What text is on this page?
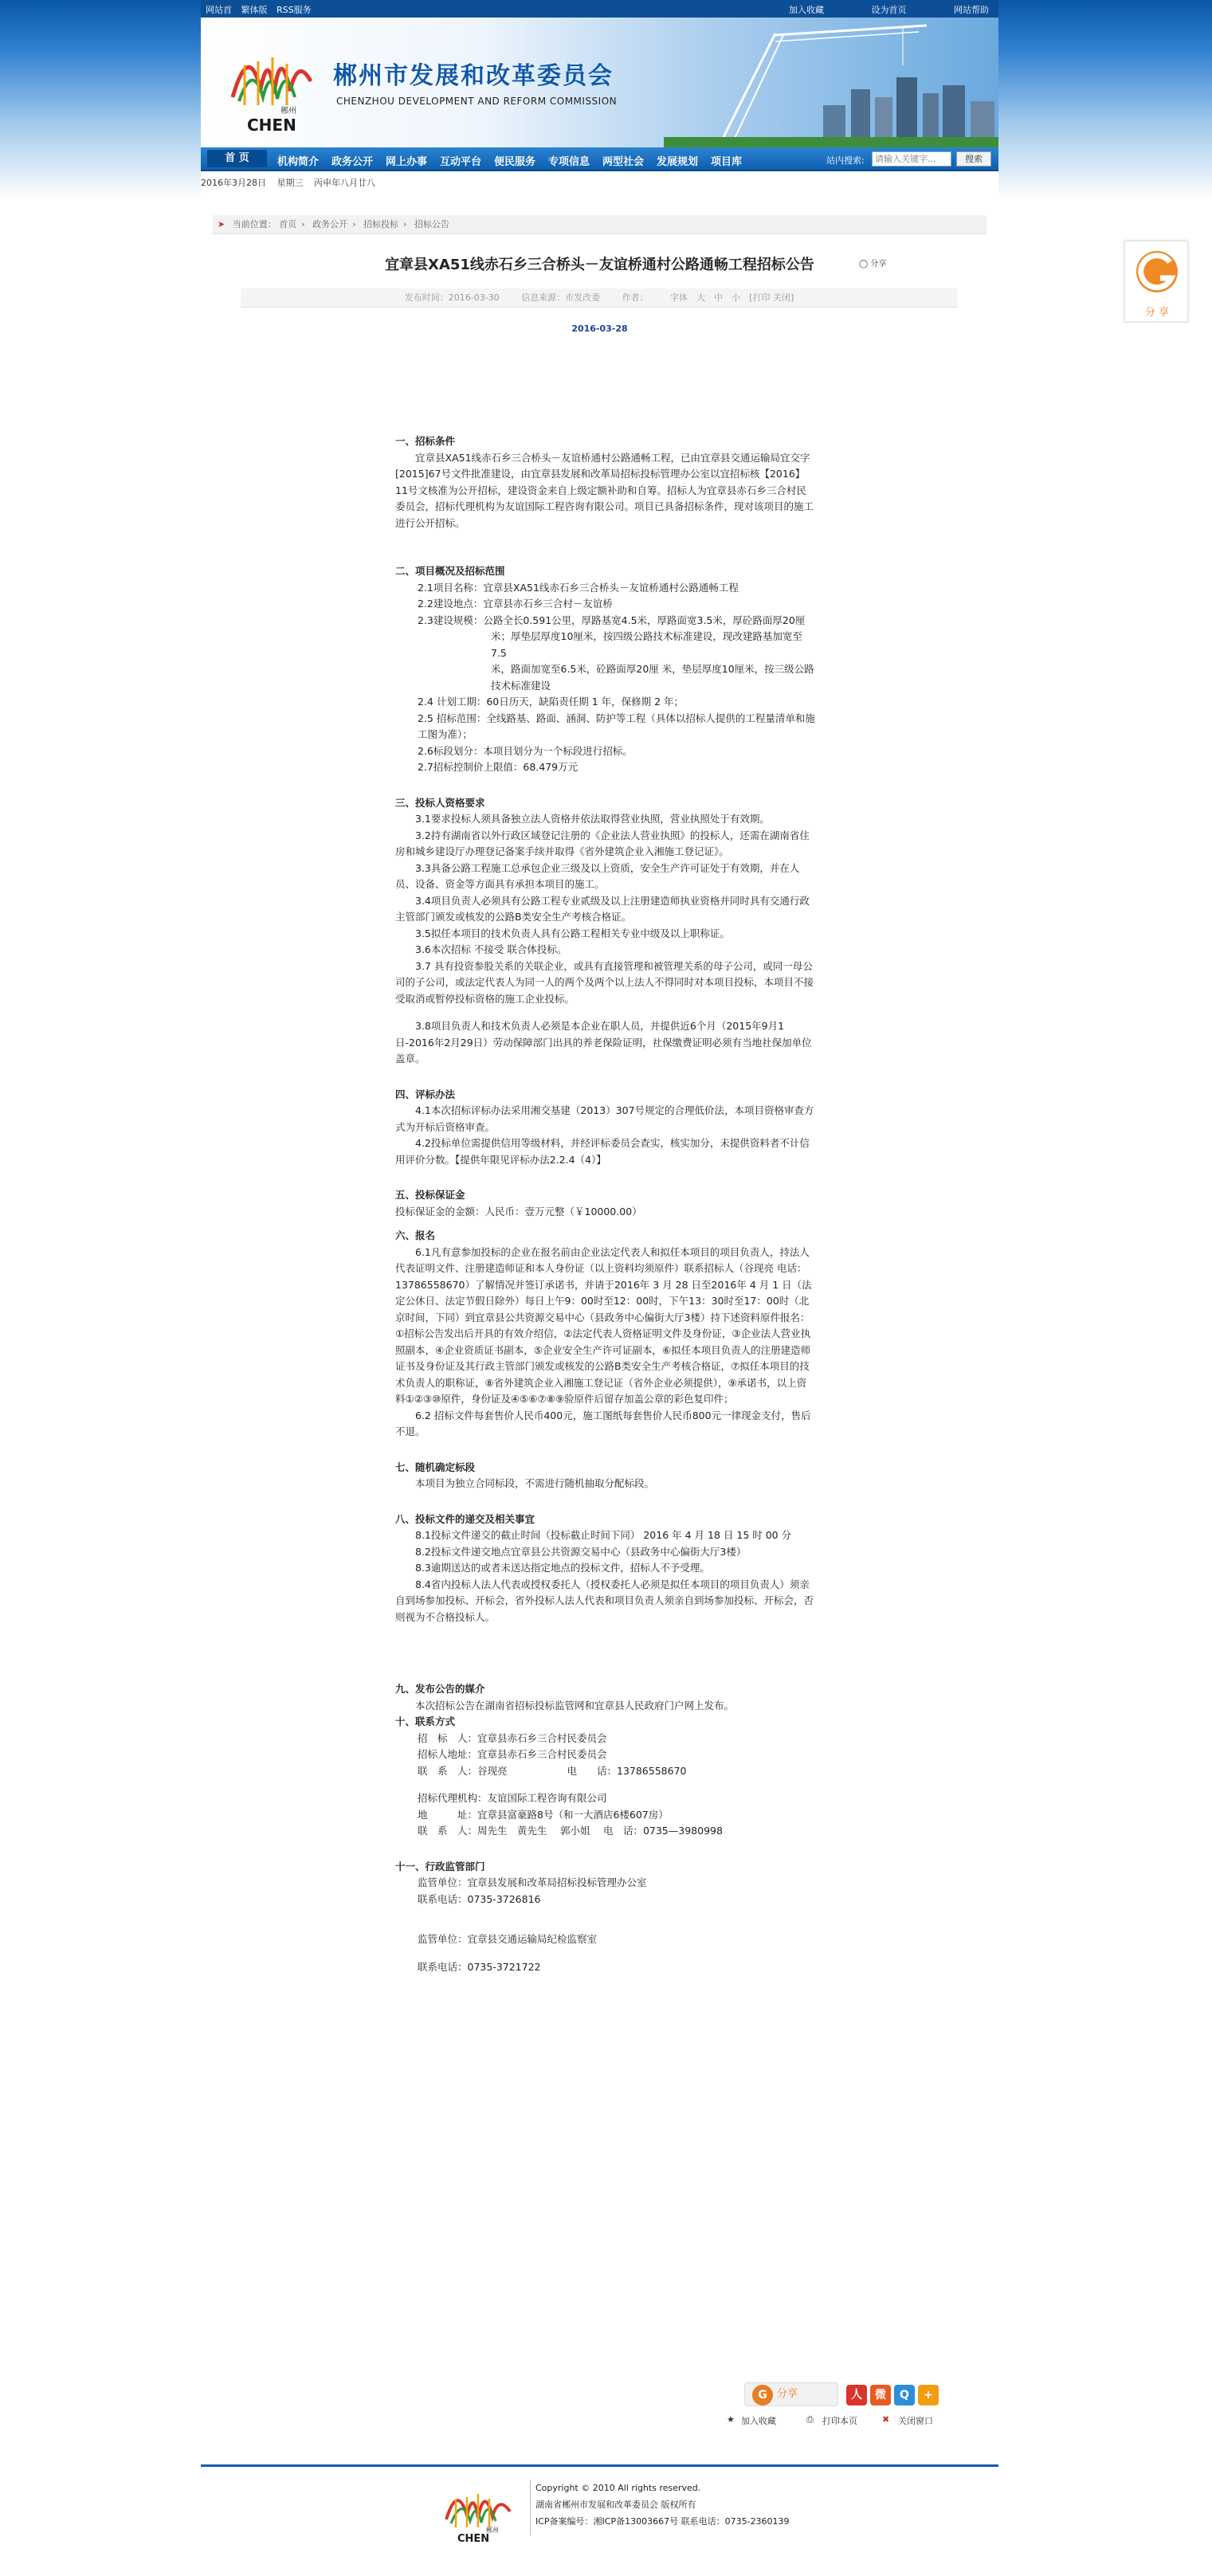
网站首 繁体版 RSS服务	加入收藏	设为首页	网站帮助
郴州
CHEN
郴州市发展和改革委员会
CHENZHOU DEVELOPMENT AND REFORM COMMISSION
首 页	机构简介 政务公开 网上办事 互动平台 便民服务 专项信息 两型社会 发展规划 项目库	站内搜索:
请输入关键字...	搜索
2016年3月28日 星期三 丙申年八月廿八
➤ 当前位置： 首页 › 政务公开 › 招标投标 › 招标公告
宜章县XA51线赤石乡三合桥头－友谊桥通村公路通畅工程招标公告	◯ 分享
发布时间：2016-03-30	信息来源：市发改委	作者：	字体　大　中　小　[打印 关闭]
2016-03-28

一、招标条件

宜章县XA51线赤石乡三合桥头－友谊桥通村公路通畅工程，已由宜章县交通运输局宜交字[2015]67号文件批准建设，由宜章县发展和改革局招标投标管理办公室以宜招标核【2016】11号文核准为公开招标，建设资金来自上级定额补助和自筹。招标人为宜章县赤石乡三合村民委员会，招标代理机构为友谊国际工程咨询有限公司。项目已具备招标条件，现对该项目的施工进行公开招标。

二、项目概况及招标范围

2.1项目名称：宜章县XA51线赤石乡三合桥头－友谊桥通村公路通畅工程

2.2建设地点：宜章县赤石乡三合村－友谊桥

2.3建设规模：公路全长0.591公里，厚路基宽4.5米，厚路面宽3.5米，厚砼路面厚20厘

米；厚垫层厚度10厘米，按四级公路技术标准建设，现改建路基加宽至7.5

米，路面加宽至6.5米，砼路面厚20厘 米，垫层厚度10厘米，按三级公路

技术标准建设

2.4 计划工期：60日历天，缺陷责任期 1 年，保修期 2 年；

2.5 招标范围：全线路基、路面、涵洞、防护等工程（具体以招标人提供的工程量清单和施工图为准）；

2.6标段划分：本项目划分为一个标段进行招标。

2.7招标控制价上限值：68.479万元

三、投标人资格要求

3.1要求投标人须具备独立法人资格并依法取得营业执照，营业执照处于有效期。

3.2持有湖南省以外行政区域登记注册的《企业法人营业执照》的投标人，还需在湖南省住房和城乡建设厅办理登记备案手续并取得《省外建筑企业入湘施工登记证》。

3.3具备公路工程施工总承包企业三级及以上资质，安全生产许可证处于有效期，并在人员、设备、资金等方面具有承担本项目的施工。

3.4项目负责人必须具有公路工程专业贰级及以上注册建造师执业资格并同时具有交通行政主管部门颁发或核发的公路B类安全生产考核合格证。

3.5拟任本项目的技术负责人具有公路工程相关专业中级及以上职称证。

3.6本次招标 不接受 联合体投标。

3.7 具有投资参股关系的关联企业，或具有直接管理和被管理关系的母子公司，或同一母公司的子公司，或法定代表人为同一人的两个及两个以上法人不得同时对本项目投标，本项目不接受取消或暂停投标资格的施工企业投标。

3.8项目负责人和技术负责人必须是本企业在职人员，并提供近6个月（2015年9月1日-2016年2月29日）劳动保障部门出具的养老保险证明，社保缴费证明必须有当地社保加单位盖章。

四、评标办法

4.1本次招标评标办法采用湘交基建（2013）307号规定的合理低价法，本项目资格审查方式为开标后资格审查。

4.2投标单位需提供信用等级材料，并经评标委员会查实，核实加分，未提供资料者不计信用评价分数。【提供年限见评标办法2.2.4（4）】

五、投标保证金

投标保证金的金额：人民币：壹万元整（￥10000.00）

六、报名

6.1凡有意参加投标的企业在报名前由企业法定代表人和拟任本项目的项目负责人，持法人代表证明文件、注册建造师证和本人身份证（以上资料均须原件）联系招标人（谷现亮 电话：13786558670）了解情况并签订承诺书，并请于2016年 3 月 28 日至2016年 4 月 1 日（法定公休日、法定节假日除外）每日上午9：00时至12：00时，下午13：30时至17：00时（北京时间，下同）到宜章县公共资源交易中心（县政务中心偏街大厅3楼）持下述资料原件报名：①招标公告发出后开具的有效介绍信，②法定代表人资格证明文件及身份证，③企业法人营业执照副本，④企业资质证书副本，⑤企业安全生产许可证副本，⑥拟任本项目负责人的注册建造师证书及身份证及其行政主管部门颁发或核发的公路B类安全生产考核合格证，⑦拟任本项目的技术负责人的职称证，⑧省外建筑企业入湘施工登记证（省外企业必须提供），⑨承诺书，以上资料①②③⑩原件，身份证及④⑤⑥⑦⑧⑨验原件后留存加盖公章的彩色复印件；

6.2 招标文件每套售价人民币400元，施工图纸每套售价人民币800元一律现金支付，售后不退。

七、随机确定标段

本项目为独立合同标段，不需进行随机抽取分配标段。

八、投标文件的递交及相关事宜

8.1投标文件递交的截止时间（投标截止时间下同） 2016 年 4 月 18 日 15 时 00 分

8.2投标文件递交地点宜章县公共资源交易中心（县政务中心偏街大厅3楼）

8.3逾期送达的或者未送达指定地点的投标文件，招标人不予受理。

8.4省内投标人法人代表或授权委托人（授权委托人必须是拟任本项目的项目负责人）须亲自到场参加投标、开标会，省外投标人法人代表和项目负责人须亲自到场参加投标、开标会，否则视为不合格投标人。

九、发布公告的媒介

本次招标公告在湖南省招标投标监管网和宜章县人民政府门户网上发布。

十、联系方式

招　标　人：宜章县赤石乡三合村民委员会

招标人地址：宜章县赤石乡三合村民委员会

联　系　人：谷现亮　　　　　　电　　话：13786558670

招标代理机构：友谊国际工程咨询有限公司

地　　　址：宜章县富豪路8号（和一大酒店6楼607房）

联　系　人：周先生　黄先生　 郭小姐　 电　话：0735—3980998

十一、行政监管部门

监管单位：宜章县发展和改革局招标投标管理办公室

联系电话：0735-3726816

监管单位：宜章县交通运输局纪检监察室

联系电话：0735-3721722

分享
G	人	微	Q	+
★ 加入收藏	⎙ 打印本页	✖ 关闭窗口
郴州
CHEN
Copyright © 2010 All rights reserved.
湖南省郴州市发展和改革委员会 版权所有
ICP备案编号：湘ICP备13003667号 联系电话：0735-2360139
分 享
